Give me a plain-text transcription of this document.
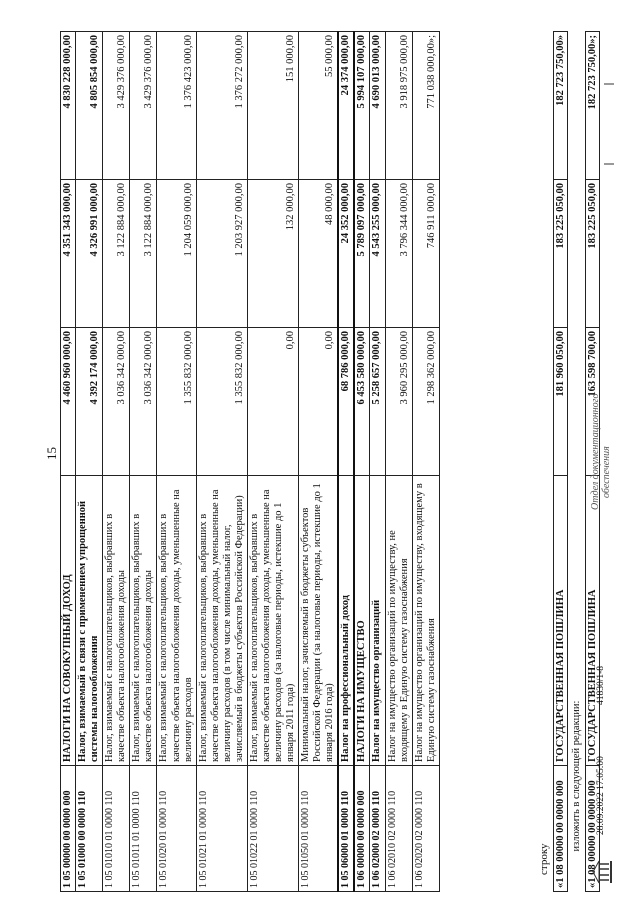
15
1 05 00000 00 0000 000	НАЛОГИ НА СОВОКУПНЫЙ ДОХОД	4 460 960 000,00	4 351 343 000,00	4 830 228 000,00
1 05 01000 00 0000 110	Налог, взимаемый в связи с применением упрощенной системы налогообложения	4 392 174 000,00	4 326 991 000,00	4 805 854 000,00
1 05 01010 01 0000 110	Налог, взимаемый с налогоплательщиков, выбравших в качестве объекта налогообложения доходы	3 036 342 000,00	3 122 884 000,00	3 429 376 000,00
1 05 01011 01 0000 110	Налог, взимаемый с налогоплательщиков, выбравших в качестве объекта налогообложения доходы	3 036 342 000,00	3 122 884 000,00	3 429 376 000,00
1 05 01020 01 0000 110	Налог, взимаемый с налогоплательщиков, выбравших в качестве объекта налогообложения доходы, уменьшенные на величину расходов	1 355 832 000,00	1 204 059 000,00	1 376 423 000,00
1 05 01021 01 0000 110	Налог, взимаемый с налогоплательщиков, выбравших в качестве объекта налогообложения доходы, уменьшенные на величину расходов (в том числе минимальный налог, зачисляемый в бюджеты субъектов Российской Федерации)	1 355 832 000,00	1 203 927 000,00	1 376 272 000,00
1 05 01022 01 0000 110	Налог, взимаемый с налогоплательщиков, выбравших в качестве объекта налогообложения доходы, уменьшенные на величину расходов (за налоговые периоды, истекшие до 1 января 2011 года)	0,00	132 000,00	151 000,00
1 05 01050 01 0000 110	Минимальный налог, зачисляемый в бюджеты субъектов Российской Федерации (за налоговые периоды, истекшие до 1 января 2016 года)	0,00	48 000,00	55 000,00
1 05 06000 01 0000 110	Налог на профессиональный доход	68 786 000,00	24 352 000,00	24 374 000,00
1 06 00000 00 0000 000	НАЛОГИ НА ИМУЩЕСТВО	6 453 580 000,00	5 789 097 000,00	5 994 107 000,00
1 06 02000 02 0000 110	Налог на имущество организаций	5 258 657 000,00	4 543 255 000,00	4 690 013 000,00
1 06 02010 02 0000 110	Налог на имущество организаций по имуществу, не входящему в Единую систему газоснабжения	3 960 295 000,00	3 796 344 000,00	3 918 975 000,00
1 06 02020 02 0000 110	Налог на имущество организаций по имуществу, входящему в Единую систему газоснабжения	1 298 362 000,00	746 911 000,00	771 038 000,00»;
строку «1 08 00000 00 0000 000	ГОСУДАРСТВЕННАЯ ПОШЛИНА	181 960 050,00	183 225 050,00	182 723 750,00»
изложить в следующей редакции:				
«1 08 00000 00 0000 000	ГОСУДАРСТВЕННАЯ ПОШЛИНА	163 598 700,00	183 225 050,00	182 723 750,00»;
28.09.2022 17:05:00
41830/1-8
Отдел документационного обеспечения
